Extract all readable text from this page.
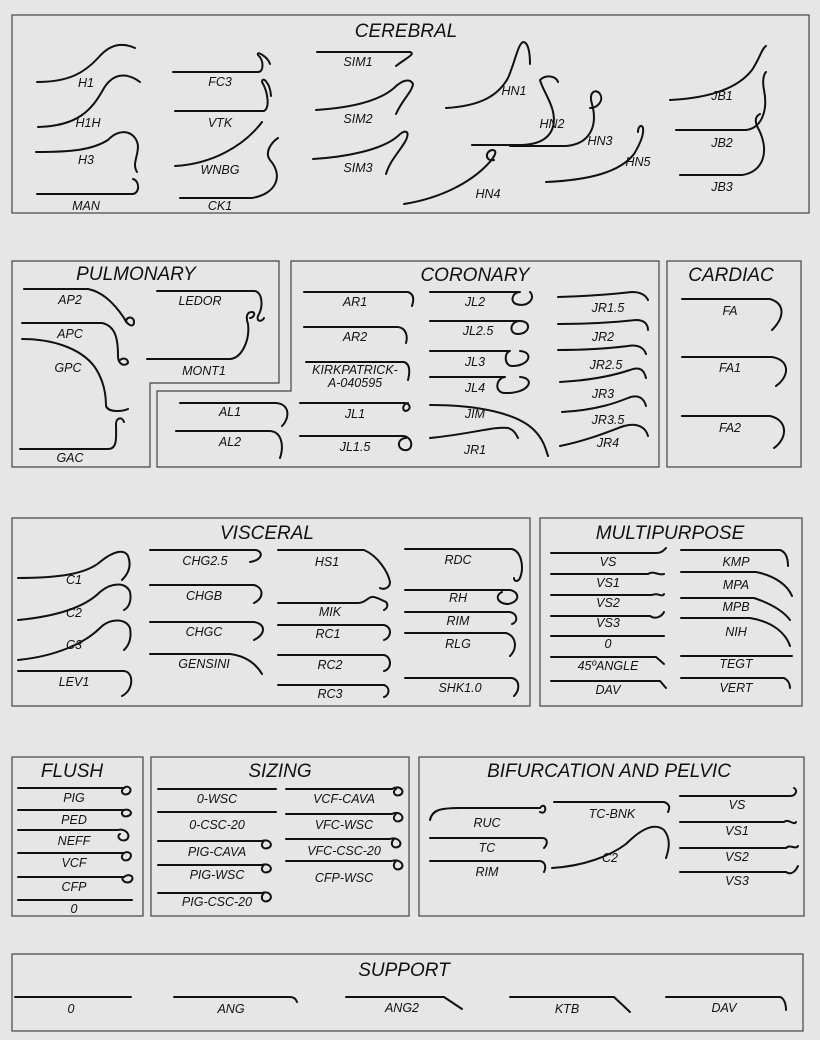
CEREBRAL
H1
H1H
H3
MAN
FC3
VTK
WNBG
CK1
SIM1
SIM2
SIM3
HN1
HN2
HN3
HN4
HN5
JB1
JB2
JB3
PULMONARY
AP2
APC
GPC
GAC
LEDOR
MONT1
CORONARY
AR1
AR2
KIRKPATRICK-
A-040595
AL1
AL2
JL1
JL1.5
JL2
JL2.5
JL3
JL4
JIM
JR1
JR1.5
JR2
JR2.5
JR3
JR3.5
JR4
CARDIAC
FA
FA1
FA2
VISCERAL
C1
C2
C3
LEV1
CHG2.5
CHGB
CHGC
GENSINI
HS1
MIK
RC1
RC2
RC3
RDC
RH
RIM
RLG
SHK1.0
MULTIPURPOSE
VS
VS1
VS2
VS3
0
45ºANGLE
DAV
KMP
MPA
MPB
NIH
TEGT
VERT
FLUSH
PIG
PED
NEFF
VCF
CFP
0
SIZING
0-WSC
0-CSC-20
PIG-CAVA
PIG-WSC
PIG-CSC-20
VCF-CAVA
VFC-WSC
VFC-CSC-20
CFP-WSC
BIFURCATION AND PELVIC
RUC
TC
RIM
TC-BNK
C2
VS
VS1
VS2
VS3
SUPPORT
0	ANG	ANG2	KTB	DAV
